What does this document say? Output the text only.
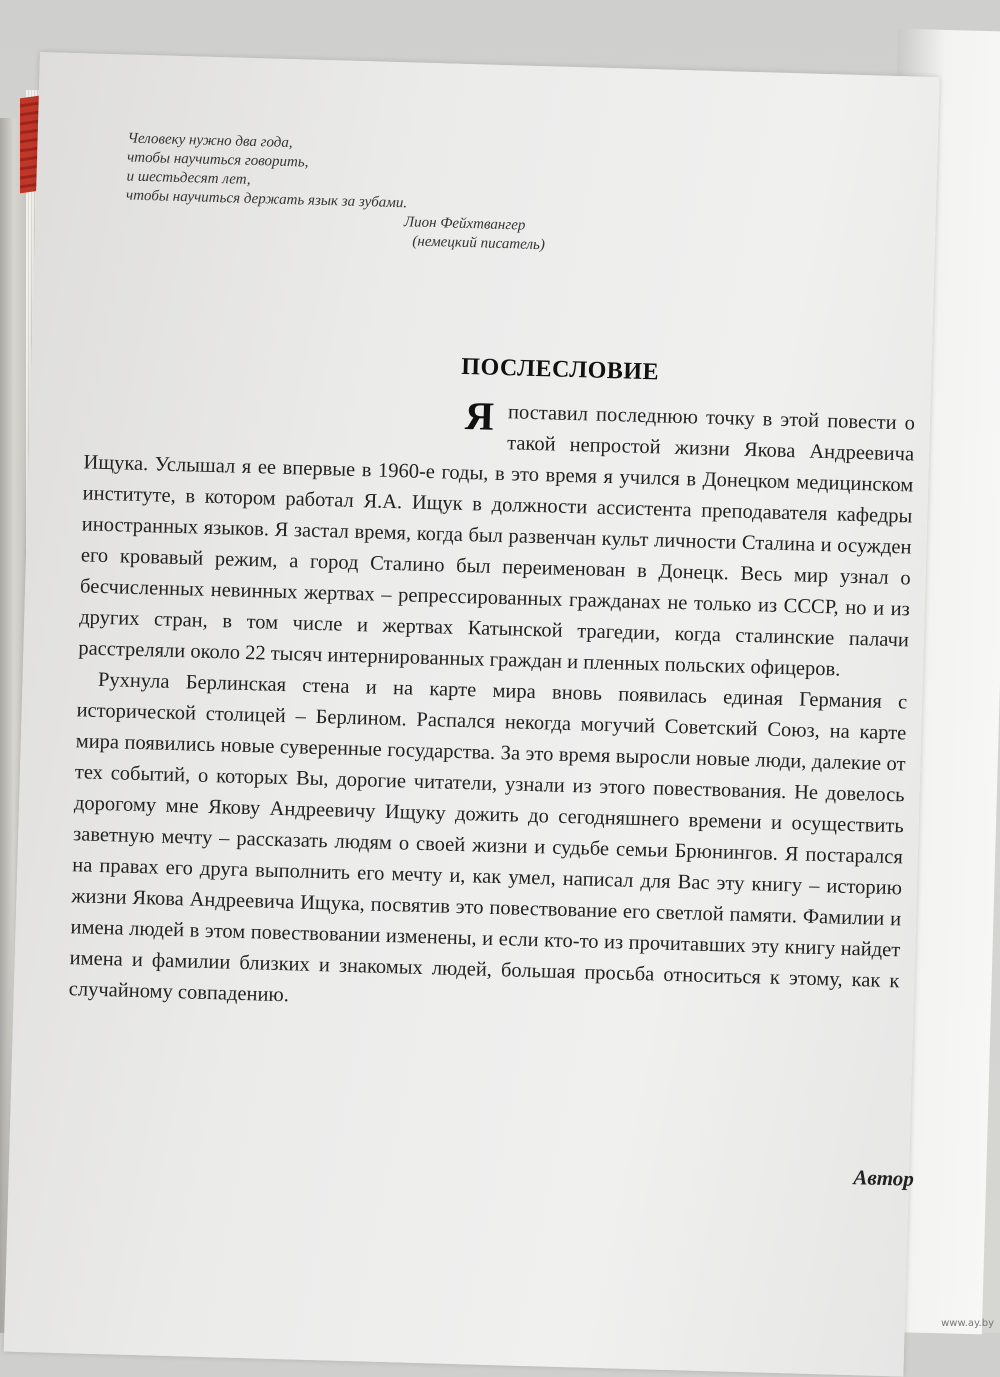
Человеку нужно два года,
чтобы научиться говорить,
и шестьдесят лет,
чтобы научиться держать язык за зубами.
Лион Фейхтвангер
(немецкий писатель)
ПОСЛЕСЛОВИЕ

Япоставил последнюю точку в этой повести о такой непростой жизни Якова Андреевича Ищука. Услышал я ее впервые в 1960-е годы, в это время я учился в Донецком медицинском институте, в котором работал Я.А. Ищук в должности ассистента преподавателя кафедры иностранных языков. Я застал время, когда был развенчан культ личности Сталина и осужден его кровавый режим, а город Сталино был переименован в Донецк. Весь мир узнал о бесчисленных невинных жертвах – репрессированных гражданах не только из СССР, но и из других стран, в том числе и жертвах Катынской трагедии, когда сталинские палачи расстреляли около 22 тысяч интернированных граждан и пленных польских офицеров.

 Рухнула Берлинская стена и на карте мира вновь появилась единая Германия с исторической столицей – Берлином. Распался некогда могучий Советский Союз, на карте мира появились новые суверенные государства. За это время выросли новые люди, далекие от тех событий, о которых Вы, дорогие читатели, узнали из этого повествования. Не довелось дорогому мне Якову Андреевичу Ищуку дожить до сегодняшнего времени и осуществить заветную мечту – рассказать людям о своей жизни и судьбе семьи Брюнингов. Я постарался на правах его друга выполнить его мечту и, как умел, написал для Вас эту книгу – историю жизни Якова Андреевича Ищука, посвятив это повествование его светлой памяти. Фамилии и имена людей в этом повествовании изменены, и если кто-то из прочитавших эту книгу найдет имена и фамилии близких и знакомых людей, большая просьба относиться к этому, как к случайному совпадению.

Автор
www.ay.by
